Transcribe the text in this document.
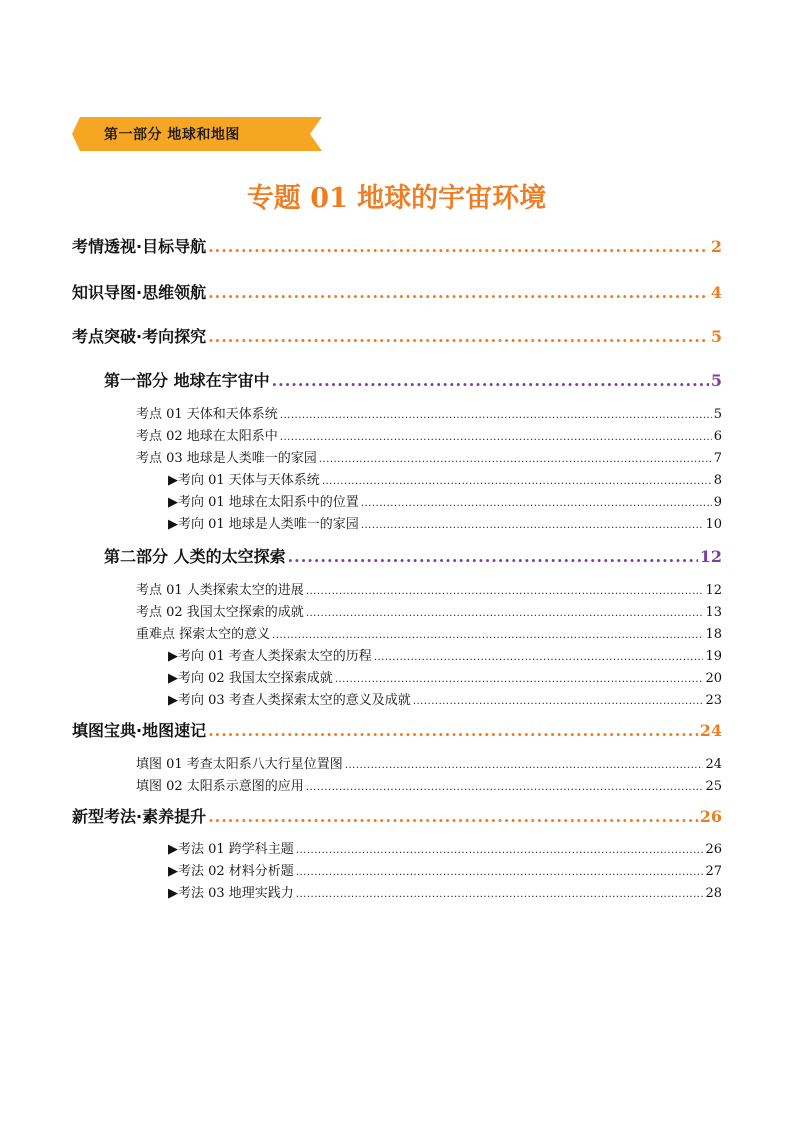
第一部分 地球和地图
专题 01 地球的宇宙环境
考情透视·目标导航 .....	2
知识导图·思维领航 .....	4
考点突破·考向探究 .....	5
第一部分 地球在宇宙中 .....	5
考点 01 天体和天体系统 .....	5
考点 02 地球在太阳系中 .....	6
考点 03 地球是人类唯一的家园 .....	7
▶考向 01 天体与天体系统 .....	8
▶考向 01 地球在太阳系中的位置 .....	9
▶考向 01 地球是人类唯一的家园 .....	10
第二部分 人类的太空探索 .....	12
考点 01 人类探索太空的进展 .....	12
考点 02 我国太空探索的成就 .....	13
重难点 探索太空的意义 .....	18
▶考向 01 考查人类探索太空的历程 .....	19
▶考向 02 我国太空探索成就 .....	20
▶考向 03 考查人类探索太空的意义及成就 .....	23
填图宝典·地图速记 .....	24
填图 01 考查太阳系八大行星位置图 .....	24
填图 02 太阳系示意图的应用 .....	25
新型考法·素养提升 .....	26
▶考法 01 跨学科主题 .....	26
▶考法 02 材料分析题 .....	27
▶考法 03 地理实践力 .....	28
